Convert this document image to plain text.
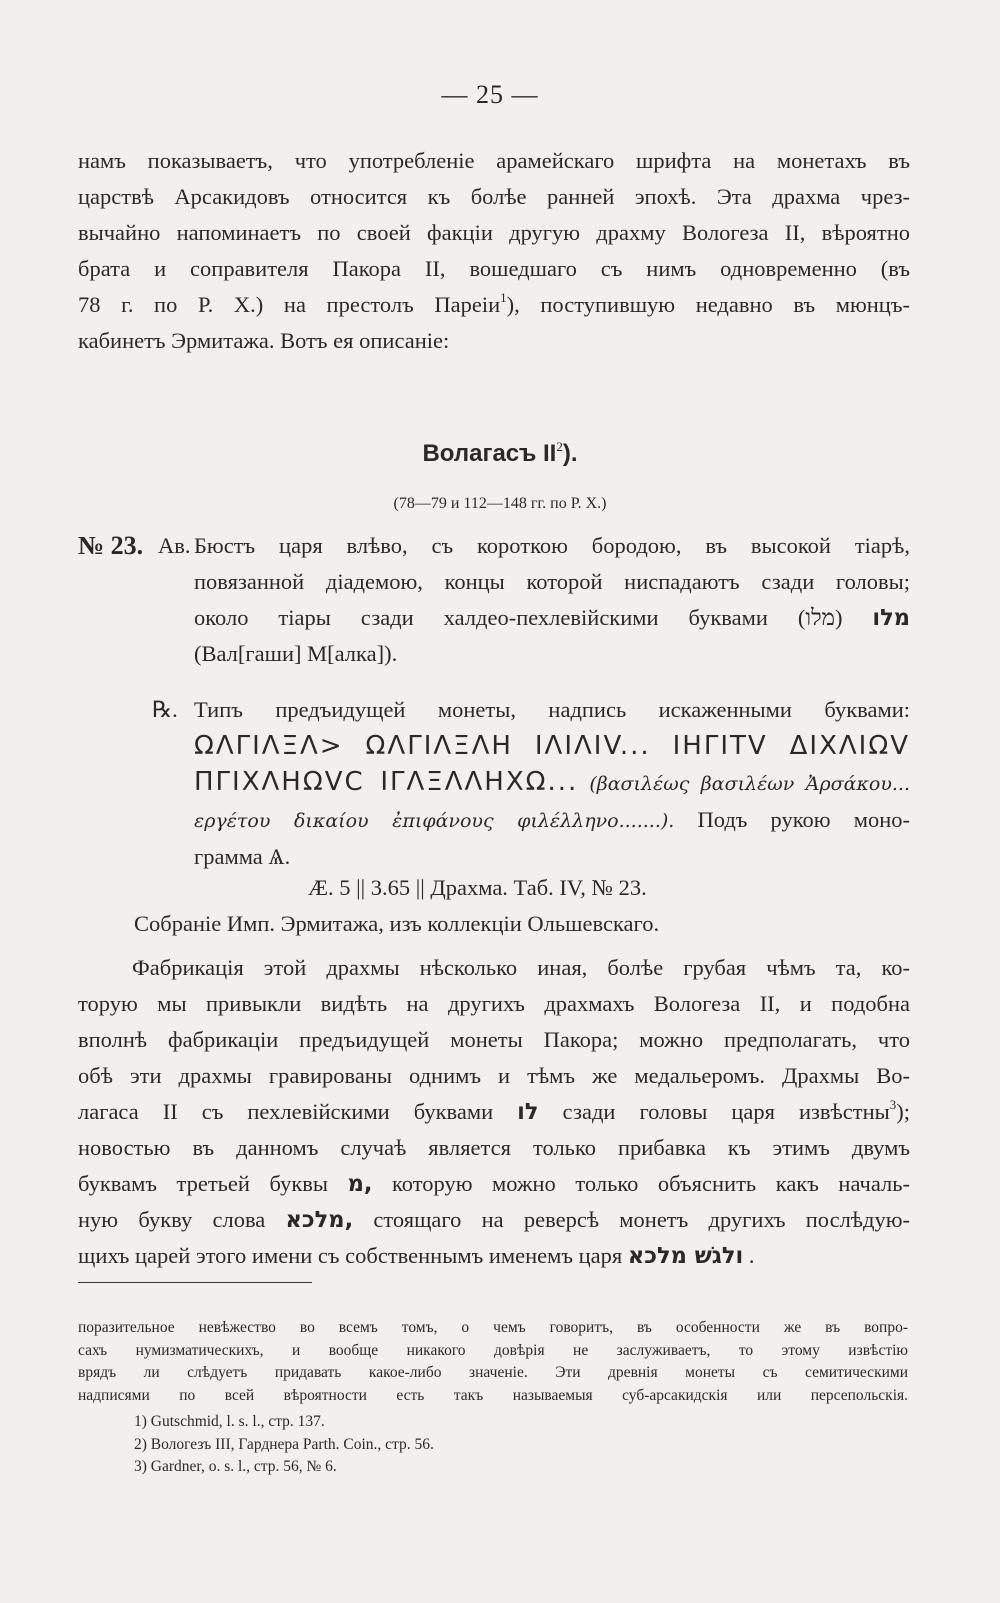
— 25 —
намъ показываетъ, что употребленіе арамейскаго шрифта на монетахъ въ
царствѣ Арсакидовъ относится къ болѣе ранней эпохѣ. Эта драхма чрез-
вычайно напоминаетъ по своей факціи другую драхму Вологеза II, вѣроятно
брата и соправителя Пакора II, вошедшаго съ нимъ одновременно (въ
78 г. по Р. Х.) на престолъ Пареіи$^1$), поступившую недавно въ мюнцъ-
кабинетъ Эрмитажа. Вотъ ея описаніе:
Волагасъ $II^2$).
(78—79 и 112—148 гг. по Р. Х.)
№ 23. Ав. Бюстъ царя влѣво, съ короткою бородою, въ высокой тіарѣ,
повязанной діадемою, концы которой ниспадаютъ сзади головы;
около тіары сзади халдео-пехлевійскими буквами	מלו (מלו)
(Вал[гаши] М[алка]).
℞. Типъ предъидущей монеты, надпись искаженными буквами:
ΩΛΓΙΛΞΛ> ΩΛΓΙΛΞΛΗ ΙΛΙΛΙV... ΙΗΓΙΤV ΔΙΧΛΙΩV
ΠΓΙΧΛΗΩVC ΙΓΛΞΛΛΗΧΩ... (βασιλέως βασιλέων Ἀρσάκου...
εργέτου δικαίου ἐπιφάνους φιλέλληνο.......). Подъ рукою моно-
грамма Ѧ.
Æ. 5 || 3.65 || Драхма. Таб. IV, № 23.
Собраніе Имп. Эрмитажа, изъ коллекціи Ольшевскаго.
Фабрикація этой драхмы нѣсколько иная, болѣе грубая чѣмъ та, ко-
торую мы привыкли видѣть на другихъ драхмахъ Вологеза II, и подобна
вполнѣ фабрикаціи предъидущей монеты Пакора; можно предполагать, что
обѣ эти драхмы гравированы однимъ и тѣмъ же медальеромъ. Драхмы Во-
лагаса II съ пехлевійскими буквами לו сзади головы царя извѣстны$^3$);
новостью въ данномъ случаѣ является только прибавка къ этимъ двумъ
буквамъ третьей буквы מ, которую можно только объяснить какъ началь-
ную букву слова מלכא, стоящаго на реверсѣ монетъ другихъ послѣдую-
щихъ царей этого имени съ собственнымъ именемъ царя ולגשׁ מלכא .
поразительное невѣжество во всемъ томъ, о чемъ говоритъ, въ особенности же въ вопро-
сахъ нумизматическихъ, и вообще никакого довѣрія не заслуживаетъ, то этому извѣстію
врядъ ли слѣдуетъ придавать какое-либо значеніе. Эти древнія монеты съ семитическими
надписями по всей вѣроятности есть такъ называемыя суб-арсакидскія или персепольскія.
1) Gutschmid, l. s. l., стр. 137.
2) Вологезъ III, Гарднера Parth. Coin., стр. 56.
3) Gardner, o. s. l., стр. 56, № 6.
